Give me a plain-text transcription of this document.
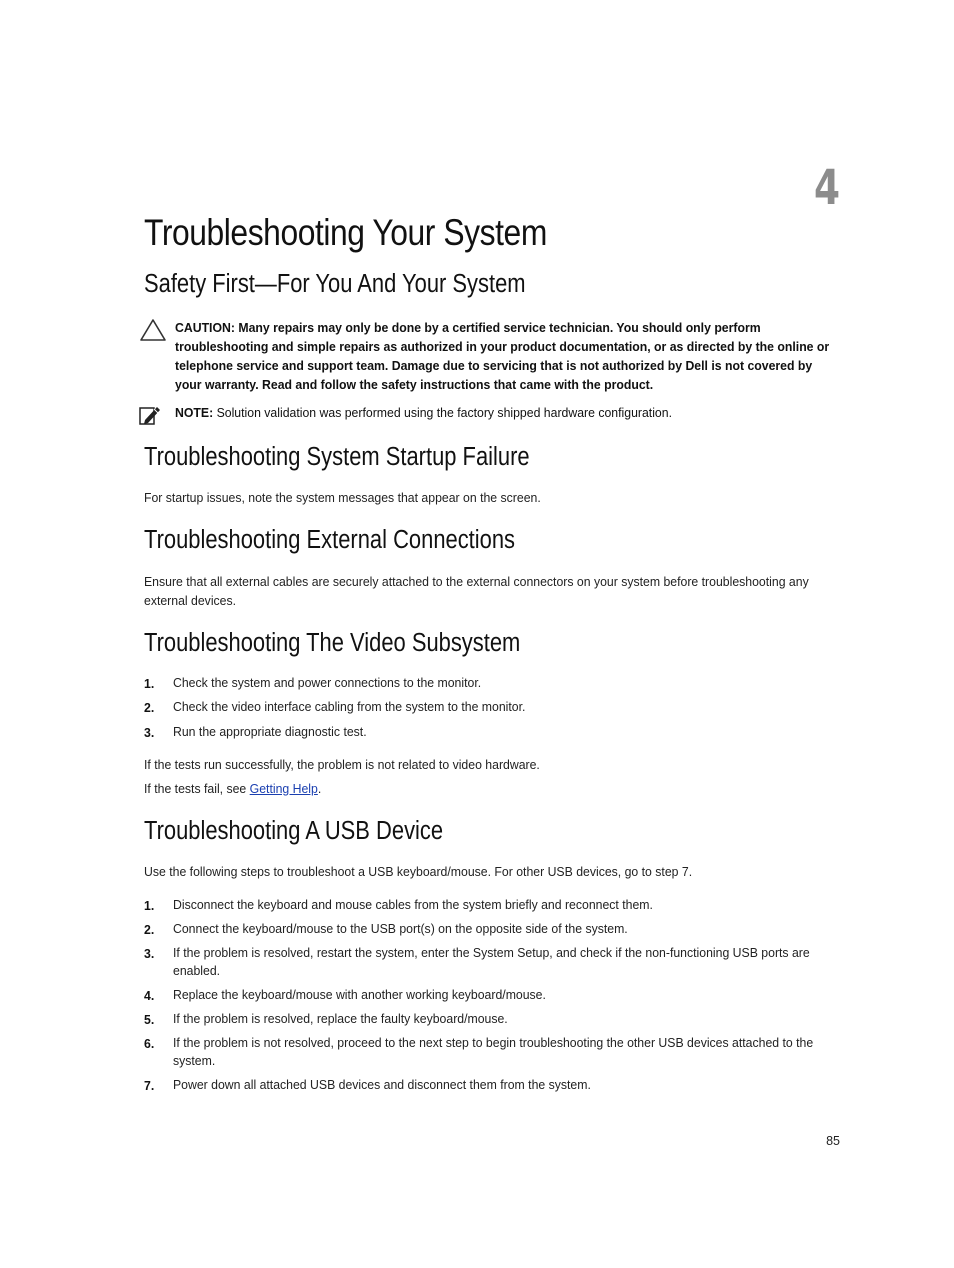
4
Troubleshooting Your System
Safety First—For You And Your System
CAUTION: Many repairs may only be done by a certified service technician. You should only perform troubleshooting and simple repairs as authorized in your product documentation, or as directed by the online or telephone service and support team. Damage due to servicing that is not authorized by Dell is not covered by your warranty. Read and follow the safety instructions that came with the product.
NOTE: Solution validation was performed using the factory shipped hardware configuration.
Troubleshooting System Startup Failure
For startup issues, note the system messages that appear on the screen.
Troubleshooting External Connections
Ensure that all external cables are securely attached to the external connectors on your system before troubleshooting any external devices.
Troubleshooting The Video Subsystem
1. Check the system and power connections to the monitor.
2. Check the video interface cabling from the system to the monitor.
3. Run the appropriate diagnostic test.
If the tests run successfully, the problem is not related to video hardware.
If the tests fail, see Getting Help.
Troubleshooting A USB Device
Use the following steps to troubleshoot a USB keyboard/mouse. For other USB devices, go to step 7.
1. Disconnect the keyboard and mouse cables from the system briefly and reconnect them.
2. Connect the keyboard/mouse to the USB port(s) on the opposite side of the system.
3. If the problem is resolved, restart the system, enter the System Setup, and check if the non-functioning USB ports are enabled.
4. Replace the keyboard/mouse with another working keyboard/mouse.
5. If the problem is resolved, replace the faulty keyboard/mouse.
6. If the problem is not resolved, proceed to the next step to begin troubleshooting the other USB devices attached to the system.
7. Power down all attached USB devices and disconnect them from the system.
85
